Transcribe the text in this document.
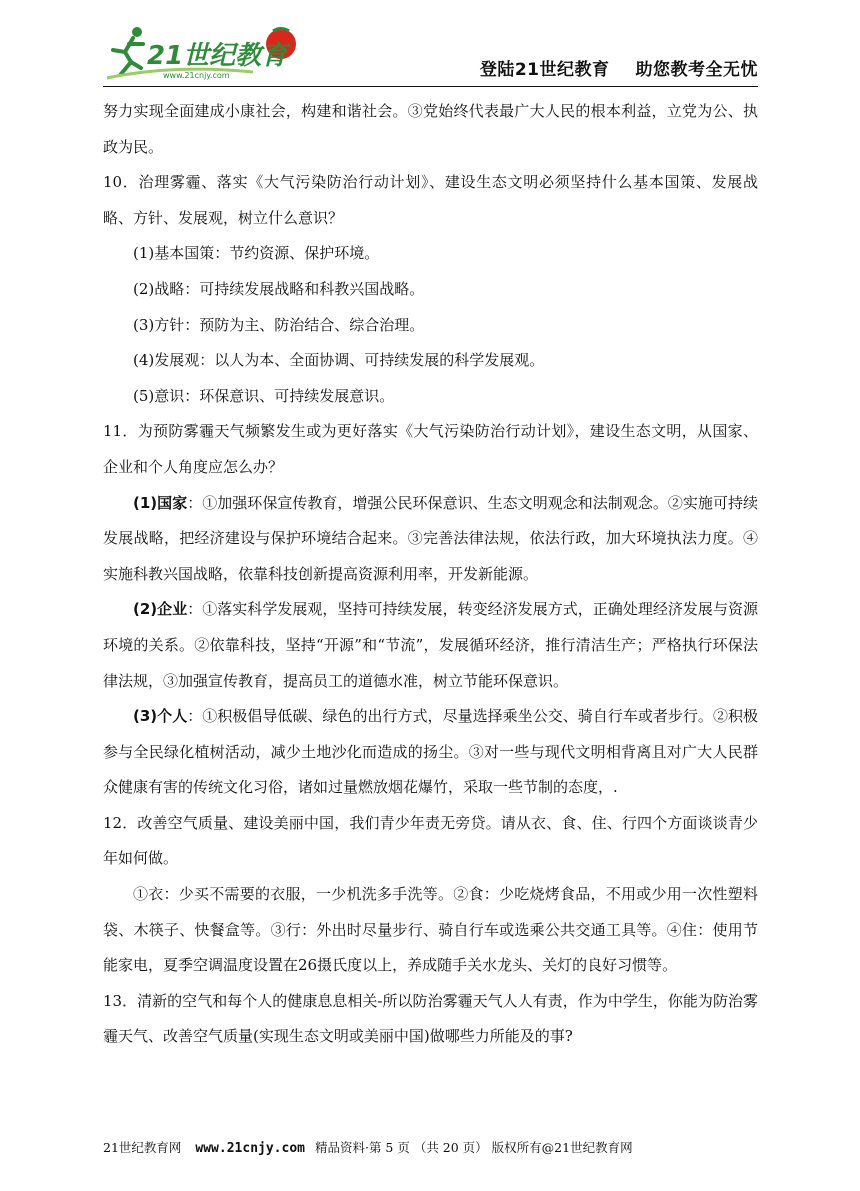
21世纪教育
www.21cnjy.com	登陆21世纪教育 助您教考全无忧

努力实现全面建成小康社会，构建和谐社会。③党始终代表最广大人民的根本利益，立党为公、执政为民。

10．治理雾霾、落实《大气污染防治行动计划》、建设生态文明必须坚持什么基本国策、发展战略、方针、发展观，树立什么意识？

(1)基本国策：节约资源、保护环境。

(2)战略：可持续发展战略和科教兴国战略。

(3)方针：预防为主、防治结合、综合治理。

(4)发展观：以人为本、全面协调、可持续发展的科学发展观。

(5)意识：环保意识、可持续发展意识。

11．为预防雾霾天气频繁发生或为更好落实《大气污染防治行动计划》，建设生态文明，从国家、企业和个人角度应怎么办？

(1)国家：①加强环保宣传教育，增强公民环保意识、生态文明观念和法制观念。②实施可持续发展战略，把经济建设与保护环境结合起来。③完善法律法规，依法行政，加大环境执法力度。④实施科教兴国战略，依靠科技创新提高资源利用率，开发新能源。

(2)企业：①落实科学发展观，坚持可持续发展，转变经济发展方式，正确处理经济发展与资源环境的关系。②依靠科技，坚持“开源”和“节流”，发展循环经济，推行清洁生产；严格执行环保法律法规，③加强宣传教育，提高员工的道德水准，树立节能环保意识。

(3)个人：①积极倡导低碳、绿色的出行方式，尽量选择乘坐公交、骑自行车或者步行。②积极参与全民绿化植树活动，减少土地沙化而造成的扬尘。③对一些与现代文明相背离且对广大人民群众健康有害的传统文化习俗，诸如过量燃放烟花爆竹，采取一些节制的态度，.

12．改善空气质量、建设美丽中国，我们青少年责无旁贷。请从衣、食、住、行四个方面谈谈青少年如何做。

①衣：少买不需要的衣服，一少机洗多手洗等。②食：少吃烧烤食品，不用或少用一次性塑料袋、木筷子、快餐盒等。③行：外出时尽量步行、骑自行车或选乘公共交通工具等。④住：使用节能家电，夏季空调温度设置在26摄氏度以上，养成随手关水龙头、关灯的良好习惯等。

13．清新的空气和每个人的健康息息相关-所以防治雾霾天气人人有责，作为中学生，你能为防治雾霾天气、改善空气质量(实现生态文明或美丽中国)做哪些力所能及的事?

21世纪教育网 www.21cnjy.com 精品资料·第 5 页 （共 20 页） 版权所有@21世纪教育网
